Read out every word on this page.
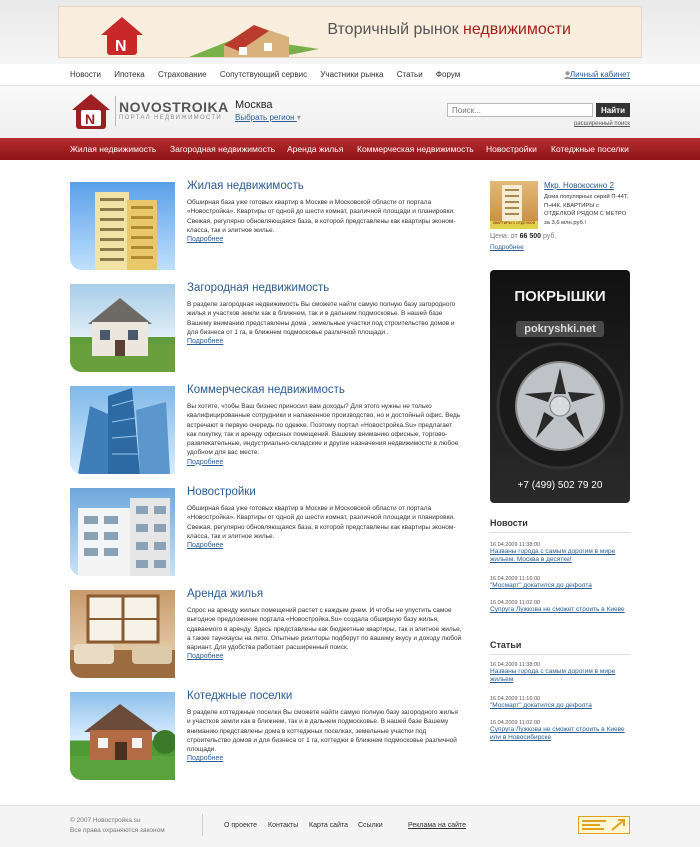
N
Вторичный рынок недвижимости
Новости Ипотека Страхование Сопутствующий сервис Участники рынка Статьи Форум	Личный кабинет
N
NOVOSTROIKA
ПОРТАЛ НЕДВИЖИМОСТИ
Москва
Выбрать регион ▾
Поиск...
Найти
расширенный поиск
Жилая недвижимость Загородная недвижимость Аренда жилья Коммерческая недвижимость Новостройки Котеджные поселки
Жилая недвижимость
Обширная база уже готовых квартир в Москве и Московской области от портала «Новостройка». Квартиры от одной до шести комнат, различной площади и планировки. Свежая, регулярно обновляющаяся база, в которой представлены как квартиры эконом-класса, так и элитное жилье.
Подробнее
Загородная недвижимость
В разделе загородная недвижимость Вы сможете найти самую полную базу загородного жилья и участков земли как в ближнем, так и в дальнем подмосковье. В нашей базе Вашему вниманию представлены дома , земельные участки под строительство домов и для бизнеса от 1 га, в ближнем подмосковье различной площади .
Подробнее
Коммерческая недвижимость
Вы хотите, чтобы Ваш бизнес приносил вам доходы? Для этого нужны не только квалифицированные сотрудники и налаженное производство, но и достойный офис. Ведь встречают в первую очередь по одежке. Поэтому портал «Новостройка.Su» предлагает как покупку, так и аренду офисных помещений. Вашему вниманию офисные, торгово-развлекательные, индустриально-складские и другие назначения недвижимости в любое удобном для вас месте.
Подробнее
Новостройки
Обширная база уже готовых квартир в Москве и Московской области от портала «Новостройка». Квартиры от одной до шести комнат, различной площади и планировки. Свежая, регулярно обновляющаяся база, в которой представлены как квартиры эконом-класса, так и элитное жилье.
Подробнее
Аренда жилья
Спрос на аренду жилых помещений растет с каждым днем. И чтобы не упустить самое выгодное предложение портала «Новостройка.Su» создала обширную базу жилья, сдаваемого в аренду. Здесь представлены как бюджетные квартиры, так и элитное жилье, а также таунхаусы на лето. Опытные риэлторы подберут по вашему вкусу и доходу любой вариант. Для удобства работает расширенный поиск.
Подробнее
Котеджные поселки
В разделе коттеджные поселки Вы сможете найти самую полную базу загородного жилья и участков земли как в ближнем, так и в дальнем подмосковье. В нашей базе Вашему вниманию представлены дома в коттеджных поселках, земельные участки под строительство домов и для бизнеса от 1 га, коттеджи в ближнем подмосковье различной площади.
Подробнее
КВАРТИРЫ С ОТДЕЛКОЙ
Мкр. Новокосино 2
Дома популярных серий П-44Т, П-44К. КВАРТИРЫ с ОТДЕЛКОЙ РЯДОМ С МЕТРО за 3,6 млн.руб.!
Цена: от 66 500 руб.
Подробнее
ПОКРЫШКИ
pokryshki.net
+7 (499) 502 79 20
Новости
16.04.2009 11:38:00
Названы города с самым дорогим в мире жильем. Москва в десятке!
16.04.2009 11:16:00
"Мосмарт" докатился до дефолта
16.04.2009 11:02:00
Супруга Лужкова не сможет строить в Киеве
Статьи
16.04.2009 11:38:00
Названы города с самым дорогим в мире жильем
16.04.2009 11:16:00
"Мосмарт" докатился до дефолта
16.04.2009 11:02:00
Супруга Лужкова не сможет строить в Киеве или в Новосибирске
© 2007 Новостройка.su
Все права охраняются законом
О проекте Контакты Карта сайта Ссылки	Реклама на сайте
